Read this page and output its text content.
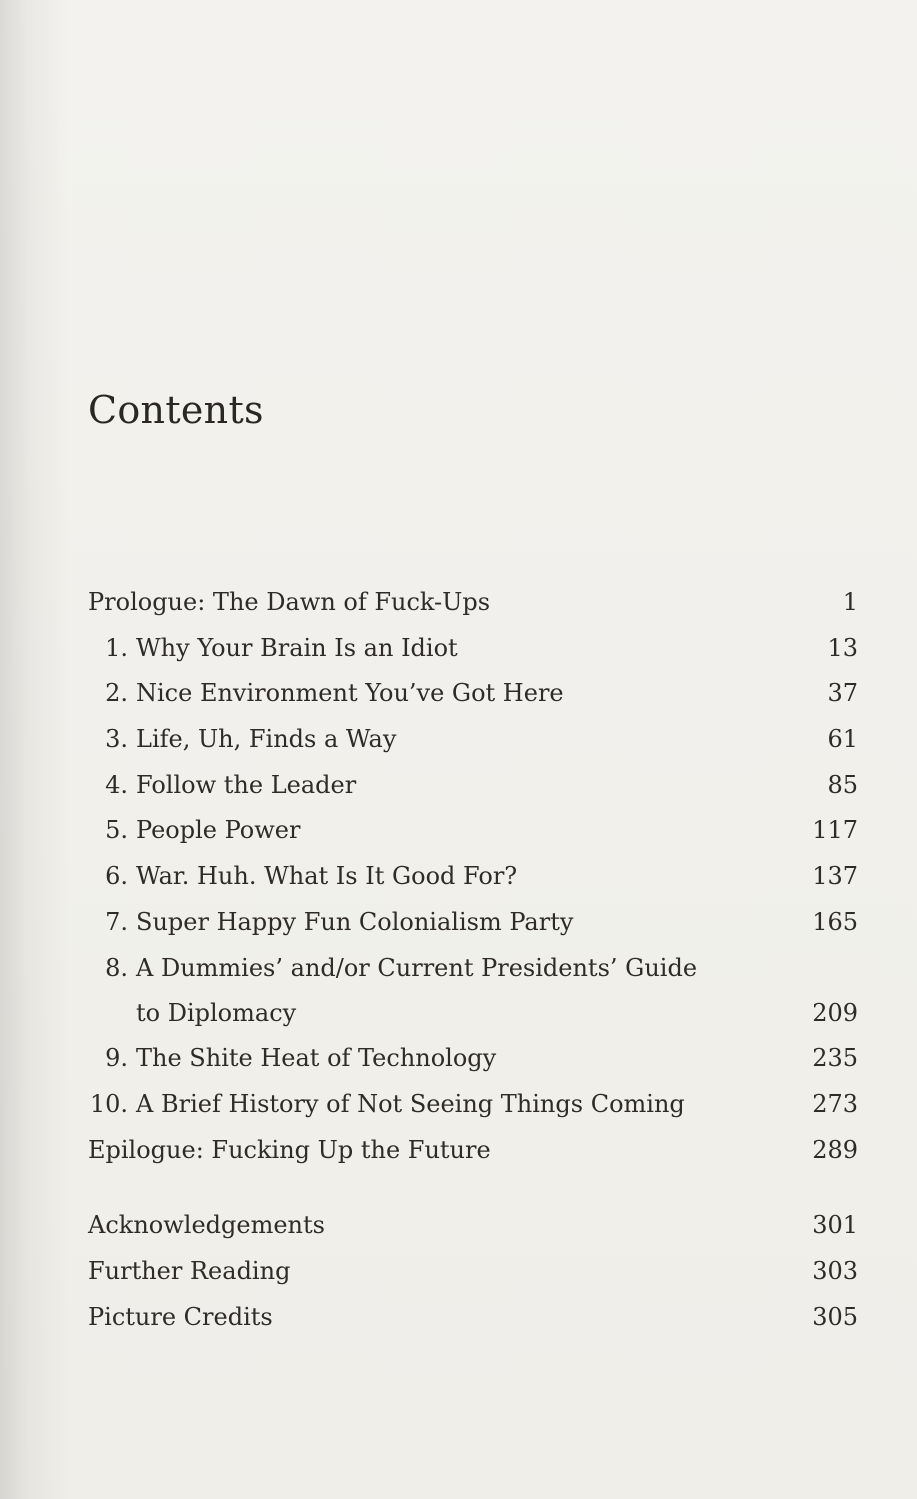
Contents
Prologue: The Dawn of Fuck-Ups	1
1. Why Your Brain Is an Idiot	13
2. Nice Environment You’ve Got Here	37
3. Life, Uh, Finds a Way	61
4. Follow the Leader	85
5. People Power	117
6. War. Huh. What Is It Good For?	137
7. Super Happy Fun Colonialism Party	165
8. A Dummies’ and/or Current Presidents’ Guide
to Diplomacy	209
9. The Shite Heat of Technology	235
10. A Brief History of Not Seeing Things Coming	273
Epilogue: Fucking Up the Future	289
Acknowledgements	301
Further Reading	303
Picture Credits	305
